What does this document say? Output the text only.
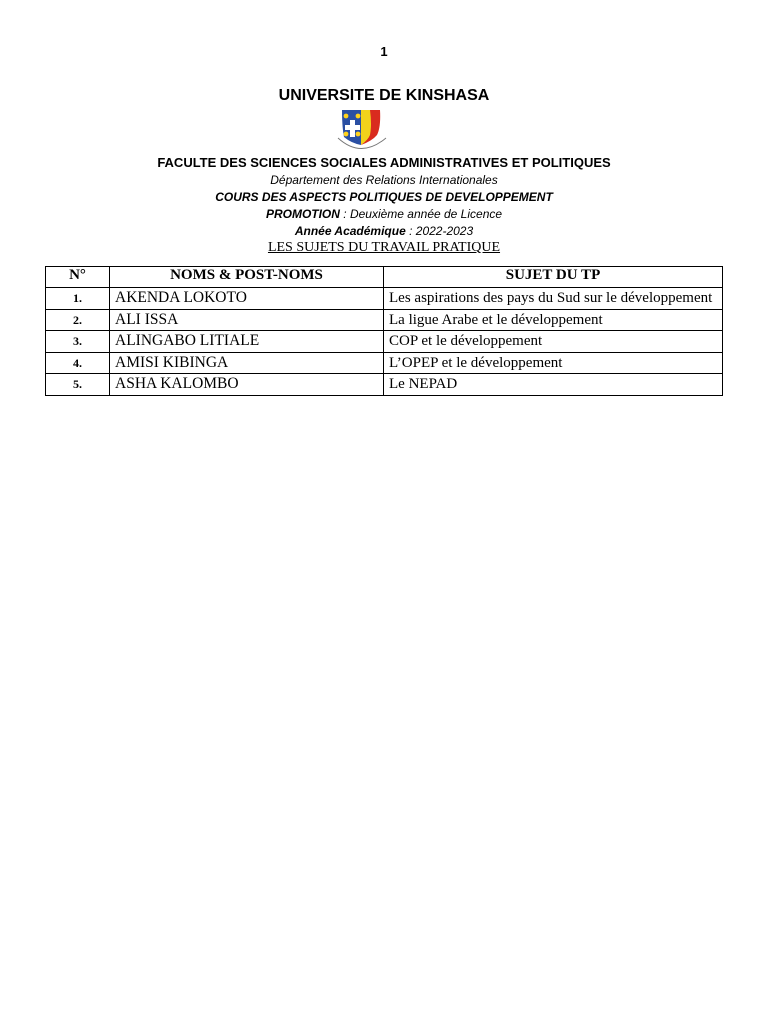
1
UNIVERSITE DE KINSHASA
FACULTE DES SCIENCES SOCIALES ADMINISTRATIVES ET POLITIQUES
Département des Relations Internationales
COURS DES ASPECTS POLITIQUES DE DEVELOPPEMENT
PROMOTION : Deuxième année de Licence
Année Académique : 2022-2023
LES SUJETS DU TRAVAIL PRATIQUE
N°	NOMS & POST-NOMS	SUJET DU TP
1.	AKENDA LOKOTO	Les aspirations des pays du Sud sur le développement
2.	ALI ISSA	La ligue Arabe et le développement
3.	ALINGABO LITIALE	COP et le développement
4.	AMISI KIBINGA	L’OPEP et le développement
5.	ASHA KALOMBO	Le NEPAD
